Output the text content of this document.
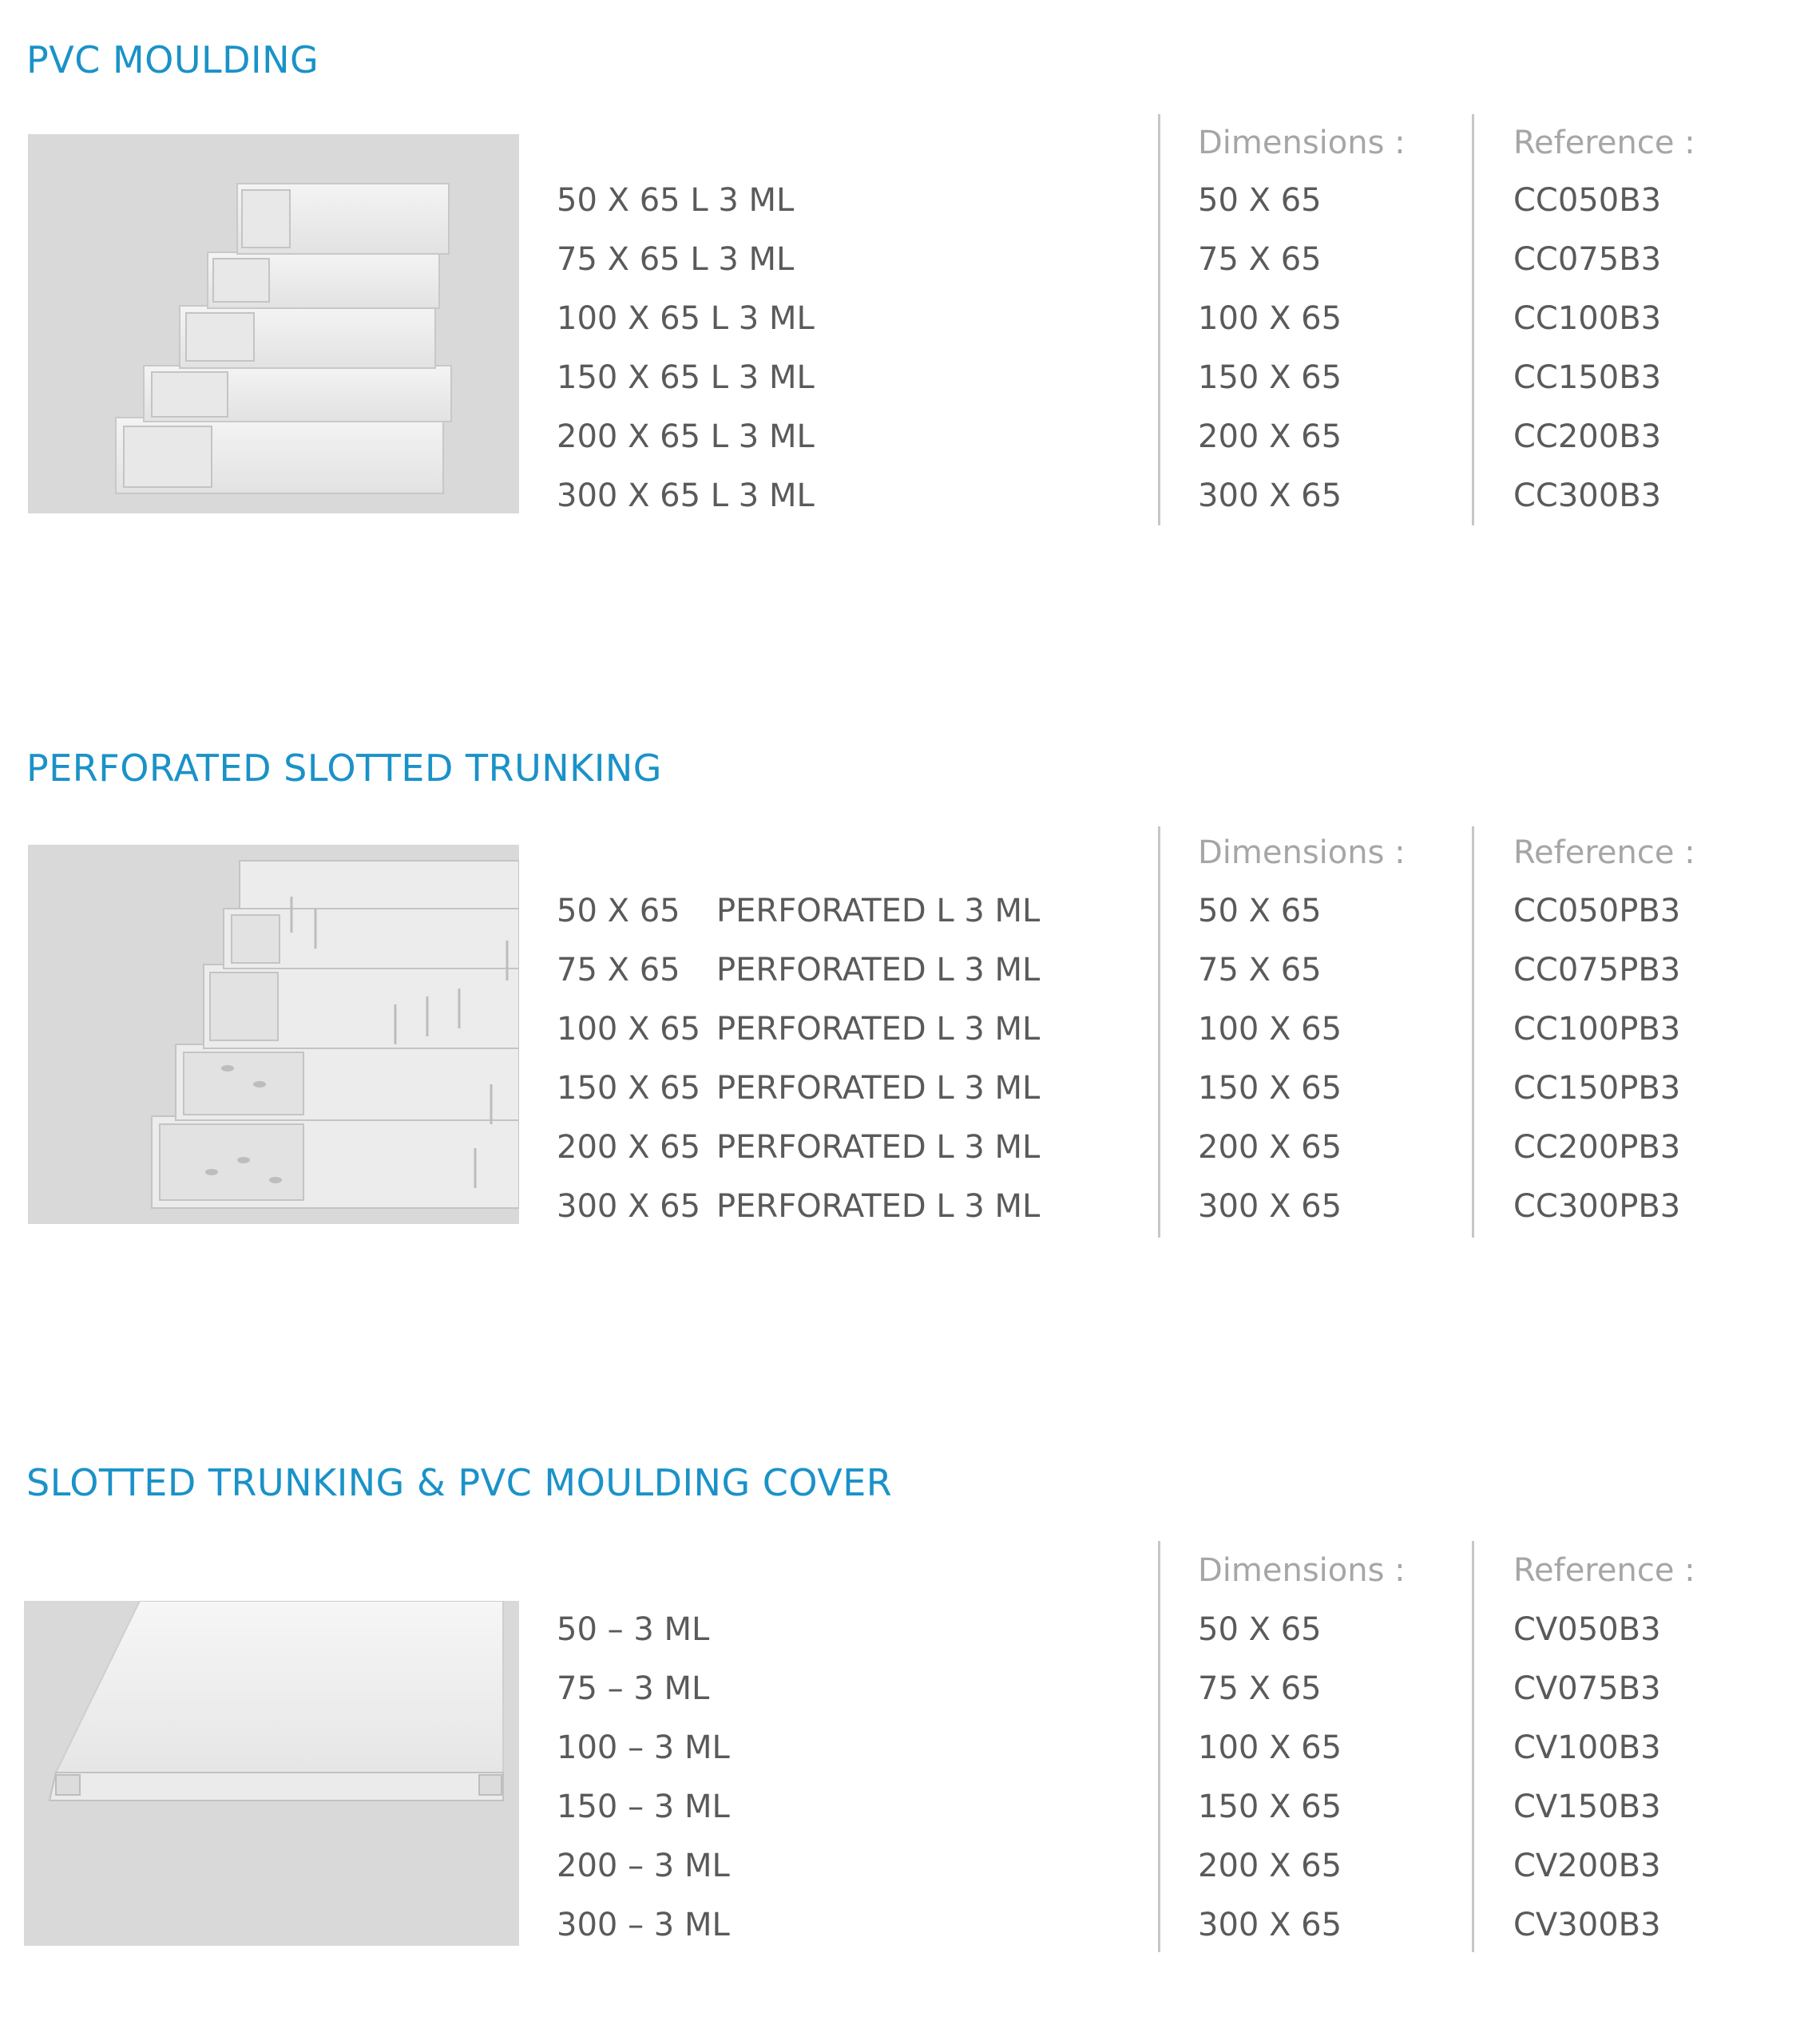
PVC MOULDING
50 X 65 L 3 ML
75 X 65 L 3 ML
100 X 65 L 3 ML
150 X 65 L 3 ML
200 X 65 L 3 ML
300 X 65 L 3 ML
Dimensions :
50 X 65
75 X 65
100 X 65
150 X 65
200 X 65
300 X 65
Reference :
CC050B3
CC075B3
CC100B3
CC150B3
CC200B3
CC300B3
PERFORATED SLOTTED TRUNKING
50 X 65 PERFORATED L 3 ML
75 X 65 PERFORATED L 3 ML
100 X 65 PERFORATED L 3 ML
150 X 65 PERFORATED L 3 ML
200 X 65 PERFORATED L 3 ML
300 X 65 PERFORATED L 3 ML
Dimensions :
50 X 65
75 X 65
100 X 65
150 X 65
200 X 65
300 X 65
Reference :
CC050PB3
CC075PB3
CC100PB3
CC150PB3
CC200PB3
CC300PB3
SLOTTED TRUNKING & PVC MOULDING COVER
50 – 3 ML
75 – 3 ML
100 – 3 ML
150 – 3 ML
200 – 3 ML
300 – 3 ML
Dimensions :
50 X 65
75 X 65
100 X 65
150 X 65
200 X 65
300 X 65
Reference :
CV050B3
CV075B3
CV100B3
CV150B3
CV200B3
CV300B3
